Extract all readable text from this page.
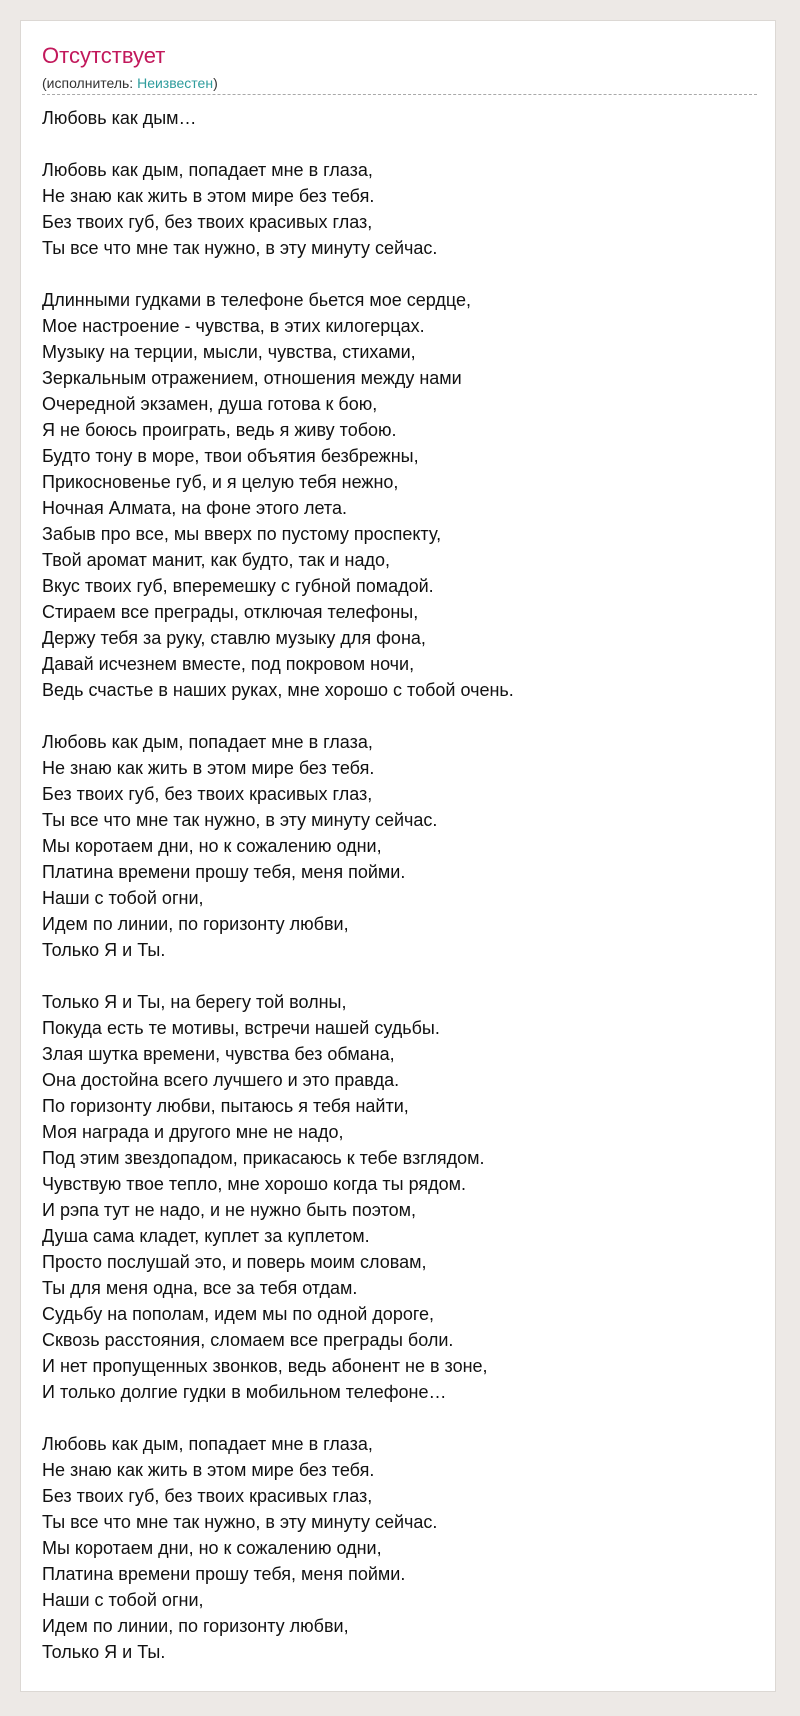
Отсутствует
(исполнитель: Неизвестен)
Любовь как дым…
Любовь как дым, попадает мне в глаза,
Не знаю как жить в этом мире без тебя.
Без твоих губ, без твоих красивых глаз,
Ты все что мне так нужно, в эту минуту сейчас.
Длинными гудками в телефоне бьется мое сердце,
Мое настроение - чувства, в этих килогерцах.
Музыку на терции, мысли, чувства, стихами,
Зеркальным отражением, отношения между нами
Очередной экзамен, душа готова к бою,
Я не боюсь проиграть, ведь я живу тобою.
Будто тону в море, твои объятия безбрежны,
Прикосновенье губ, и я целую тебя нежно,
Ночная Алмата, на фоне этого лета.
Забыв про все, мы вверх по пустому проспекту,
Твой аромат манит, как будто, так и надо,
Вкус твоих губ, вперемешку с губной помадой.
Стираем все преграды, отключая телефоны,
Держу тебя за руку, ставлю музыку для фона,
Давай исчезнем вместе, под покровом ночи,
Ведь счастье в наших руках, мне хорошо с тобой очень.
Любовь как дым, попадает мне в глаза,
Не знаю как жить в этом мире без тебя.
Без твоих губ, без твоих красивых глаз,
Ты все что мне так нужно, в эту минуту сейчас.
Мы коротаем дни, но к сожалению одни,
Платина времени прошу тебя, меня пойми.
Наши с тобой огни,
Идем по линии, по горизонту любви,
Только Я и Ты.
Только Я и Ты, на берегу той волны,
Покуда есть те мотивы, встречи нашей судьбы.
Злая шутка времени, чувства без обмана,
Она достойна всего лучшего и это правда.
По горизонту любви, пытаюсь я тебя найти,
Моя награда и другого мне не надо,
Под этим звездопадом, прикасаюсь к тебе взглядом.
Чувствую твое тепло, мне хорошо когда ты рядом.
И рэпа тут не надо, и не нужно быть поэтом,
Душа сама кладет, куплет за куплетом.
Просто послушай это, и поверь моим словам,
Ты для меня одна, все за тебя отдам.
Судьбу на пополам, идем мы по одной дороге,
Сквозь расстояния, сломаем все преграды боли.
И нет пропущенных звонков, ведь абонент не в зоне,
И только долгие гудки в мобильном телефоне…
Любовь как дым, попадает мне в глаза,
Не знаю как жить в этом мире без тебя.
Без твоих губ, без твоих красивых глаз,
Ты все что мне так нужно, в эту минуту сейчас.
Мы коротаем дни, но к сожалению одни,
Платина времени прошу тебя, меня пойми.
Наши с тобой огни,
Идем по линии, по горизонту любви,
Только Я и Ты.
